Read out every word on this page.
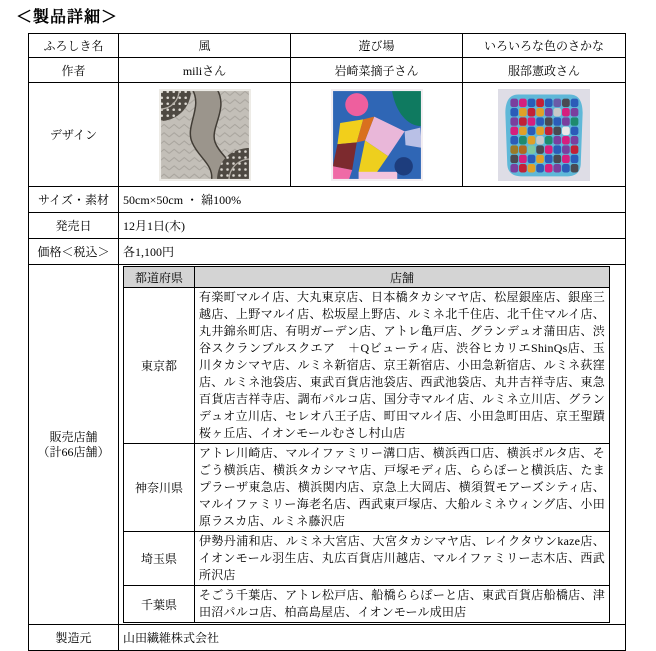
＜製品詳細＞
ふろしき名	風	遊び場	いろいろな色のさかな
作者	miliさん	岩崎菜摘子さん	服部憲政さん
デザイン			
サイズ・素材	50cm×50cm ・ 綿100%
発売日	12月1日(木)
価格＜税込＞	各1,100円

販売店舗
（計66店舗）

都道府県	店舗
東京都	有楽町マルイ店、大丸東京店、日本橋タカシマヤ店、松屋銀座店、銀座三越店、上野マルイ店、松坂屋上野店、ルミネ北千住店、北千住マルイ店、丸井錦糸町店、有明ガーデン店、アトレ亀戸店、グランデュオ蒲田店、渋谷スクランブルスクエア　＋Qビューティ店、渋谷ヒカリエShinQs店、玉川タカシマヤ店、ルミネ新宿店、京王新宿店、小田急新宿店、ルミネ荻窪店、ルミネ池袋店、東武百貨店池袋店、西武池袋店、丸井吉祥寺店、東急百貨店吉祥寺店、調布パルコ店、国分寺マルイ店、ルミネ立川店、グランデュオ立川店、セレオ八王子店、町田マルイ店、小田急町田店、京王聖蹟桜ヶ丘店、イオンモールむさし村山店
神奈川県	アトレ川崎店、マルイファミリー溝口店、横浜西口店、横浜ポルタ店、そごう横浜店、横浜タカシマヤ店、戸塚モディ店、ららぽーと横浜店、たまプラーザ東急店、横浜関内店、京急上大岡店、横須賀モアーズシティ店、マルイファミリー海老名店、西武東戸塚店、大船ルミネウィング店、小田原ラスカ店、ルミネ藤沢店
埼玉県	伊勢丹浦和店、ルミネ大宮店、大宮タカシマヤ店、レイクタウンkaze店、イオンモール羽生店、丸広百貨店川越店、マルイファミリー志木店、西武所沢店
千葉県	そごう千葉店、アトレ松戸店、船橋ららぽーと店、東武百貨店船橋店、津田沼パルコ店、柏高島屋店、イオンモール成田店

製造元	山田繊維株式会社
